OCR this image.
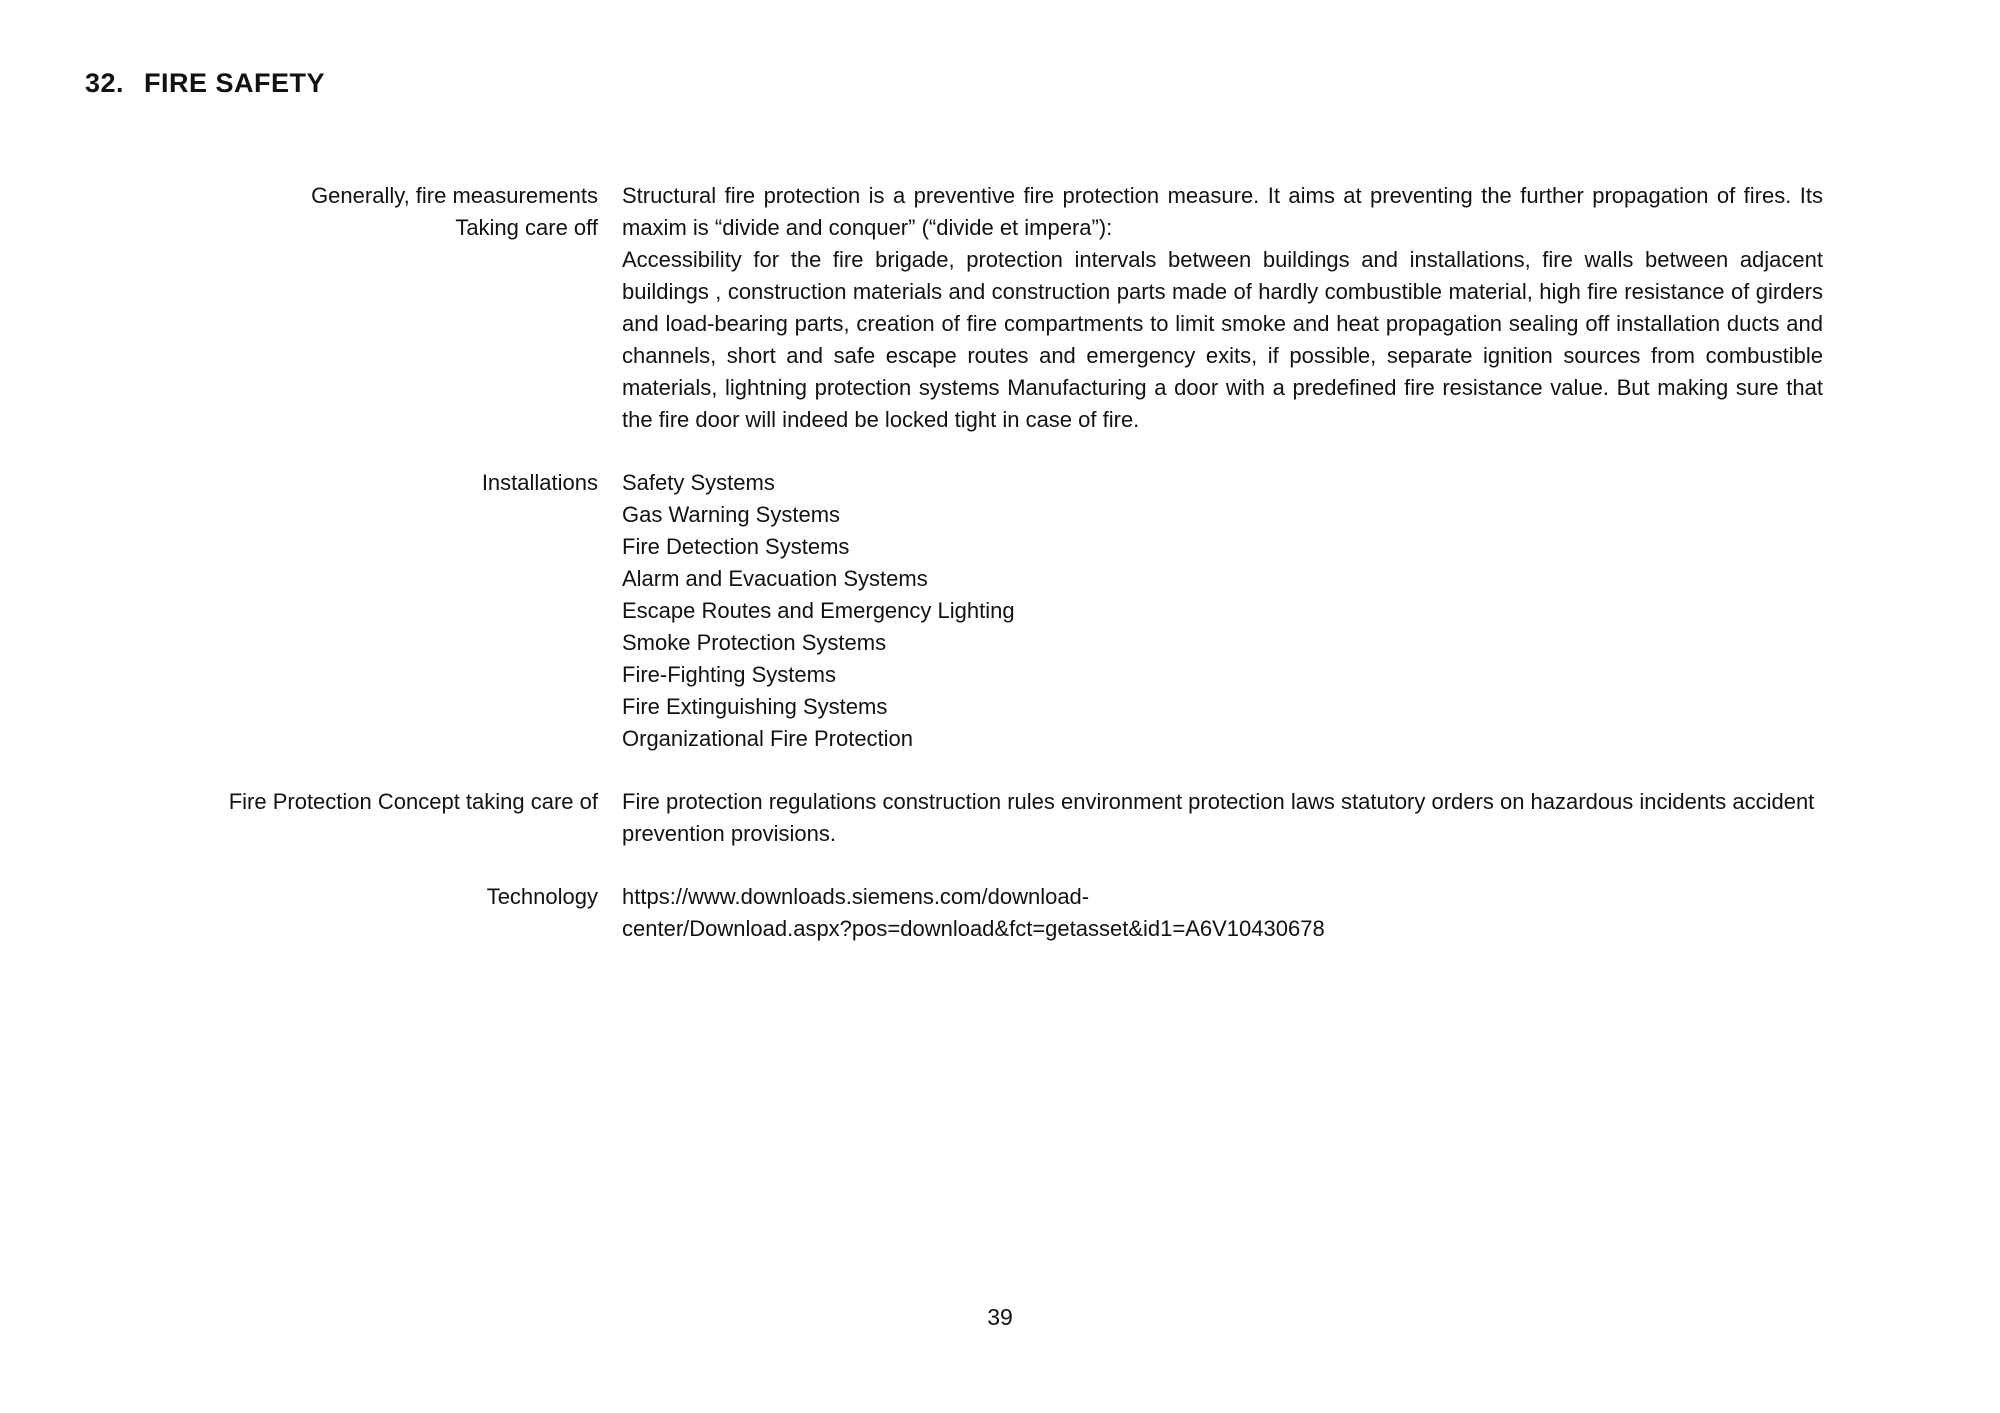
32. FIRE SAFETY
Generally, fire measurements
Taking care off

Structural fire protection is a preventive fire protection measure. It aims at preventing the further propagation of fires. Its maxim is “divide and conquer” (“divide et impera”):

Accessibility for the fire brigade, protection intervals between buildings and installations, fire walls between adjacent buildings , construction materials and construction parts made of hardly combustible material, high fire resistance of girders and load-bearing parts, creation of fire compartments to limit smoke and heat propagation sealing off installation ducts and channels, short and safe escape routes and emergency exits, if possible, separate ignition sources from combustible materials, lightning protection systems Manufacturing a door with a predefined fire resistance value. But making sure that the fire door will indeed be locked tight in case of fire.

Installations Safety Systems
Gas Warning Systems
Fire Detection Systems
Alarm and Evacuation Systems
Escape Routes and Emergency Lighting
Smoke Protection Systems
Fire-Fighting Systems
Fire Extinguishing Systems
Organizational Fire Protection
Fire Protection Concept taking care of Fire protection regulations construction rules environment protection laws statutory orders on hazardous incidents accident prevention provisions.

Technology https://www.downloads.siemens.com/download-
center/Download.aspx?pos=download&fct=getasset&id1=A6V10430678
39
